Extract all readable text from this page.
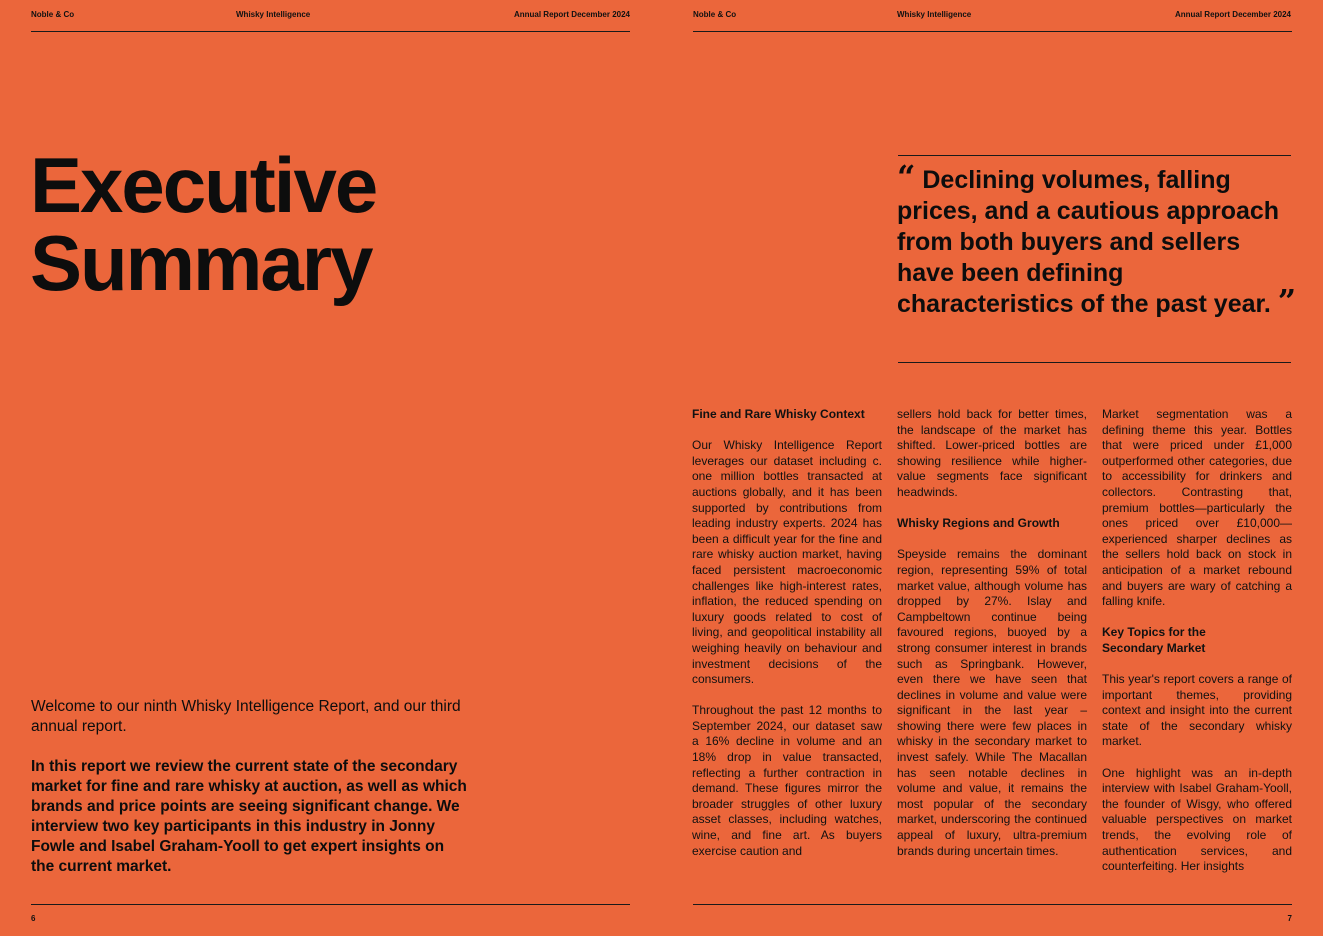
Noble & Co	Whisky Intelligence	Annual Report December 2024
Executive
Summary

Welcome to our ninth Whisky Intelligence Report, and our third annual report.

In this report we review the current state of the secondary market for fine and rare whisky at auction, as well as which brands and price points are seeing significant change. We interview two key participants in this industry in Jonny Fowle and Isabel Graham-Yooll to get expert insights on the current market.

6
Noble & Co	Whisky Intelligence	Annual Report December 2024
“ Declining volumes, falling prices, and a cautious approach from both buyers and sellers have been defining characteristics of the past year. ”
Fine and Rare Whisky Context

Our Whisky Intelligence Report leverages our dataset including c. one million bottles transacted at auctions globally, and it has been supported by contributions from leading industry experts. 2024 has been a difficult year for the fine and rare whisky auction market, having faced persistent macroeconomic challenges like high-interest rates, inflation, the reduced spending on luxury goods related to cost of living, and geopolitical instability all weighing heavily on behaviour and investment decisions of the consumers.

Throughout the past 12 months to September 2024, our dataset saw a 16% decline in volume and an 18% drop in value transacted, reflecting a further contraction in demand. These figures mirror the broader struggles of other luxury asset classes, including watches, wine, and fine art. As buyers exercise caution and

sellers hold back for better times, the landscape of the market has shifted. Lower-priced bottles are showing resilience while higher-value segments face significant headwinds.

Whisky Regions and Growth

Speyside remains the dominant region, representing 59% of total market value, although volume has dropped by 27%. Islay and Campbeltown continue being favoured regions, buoyed by a strong consumer interest in brands such as Springbank. However, even there we have seen that declines in volume and value were significant in the last year – showing there were few places in whisky in the secondary market to invest safely. While The Macallan has seen notable declines in volume and value, it remains the most popular of the secondary market, underscoring the continued appeal of luxury, ultra-premium brands during uncertain times.

Market segmentation was a defining theme this year. Bottles that were priced under £1,000 outperformed other categories, due to accessibility for drinkers and collectors. Contrasting that, premium bottles—particularly the ones priced over £10,000—experienced sharper declines as the sellers hold back on stock in anticipation of a market rebound and buyers are wary of catching a falling knife.

Key Topics for the Secondary Market

This year's report covers a range of important themes, providing context and insight into the current state of the secondary whisky market.

One highlight was an in-depth interview with Isabel Graham-Yooll, the founder of Wisgy, who offered valuable perspectives on market trends, the evolving role of authentication services, and counterfeiting. Her insights

7
